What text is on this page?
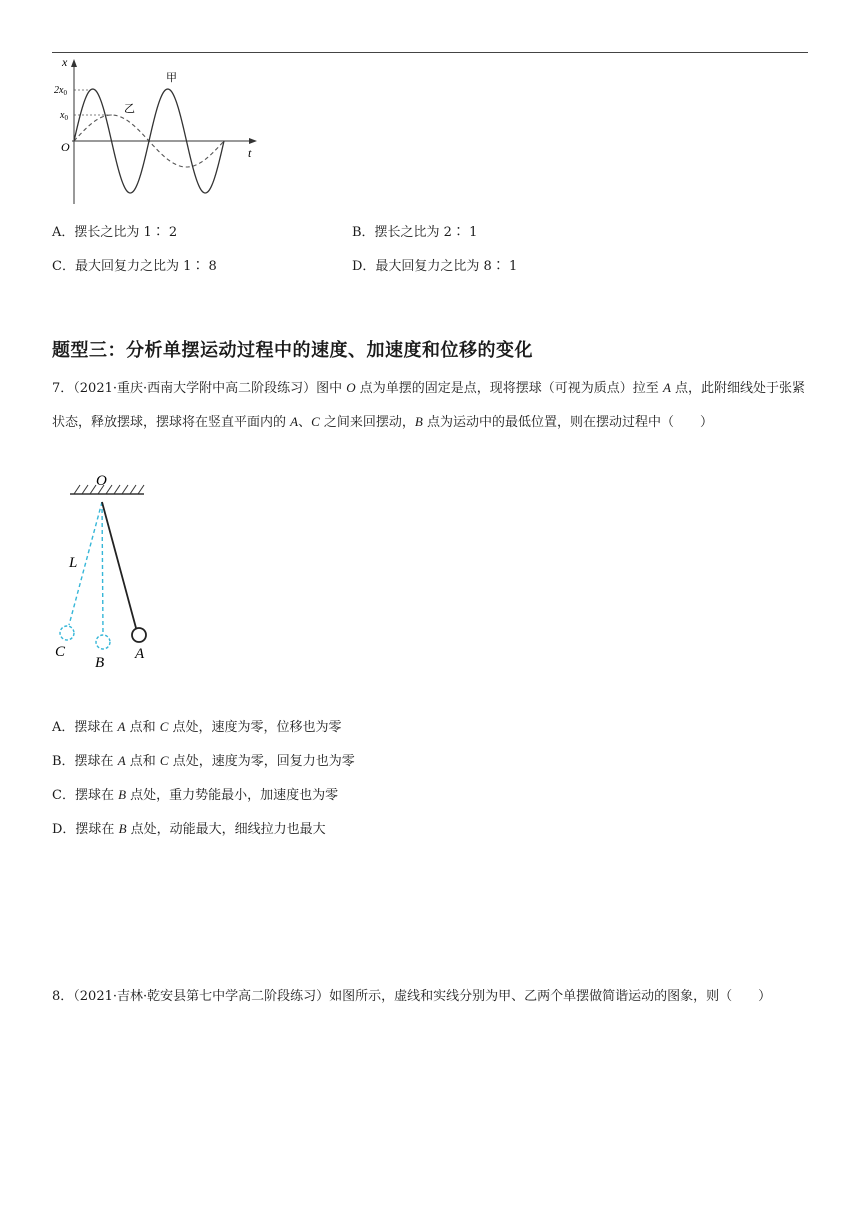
x
t
O
$2x_0$
$x_0$
甲
乙
A．摆长之比为 1∶ 2	B．摆长之比为 2∶ 1
C．最大回复力之比为 1∶ 8	D．最大回复力之比为 8∶ 1
题型三：分析单摆运动过程中的速度、加速度和位移的变化
7．（2021·重庆·西南大学附中高二阶段练习）图中 O 点为单摆的固定是点，现将摆球（可视为质点）拉至 A 点，此附细线处于张紧状态，释放摆球，摆球将在竖直平面内的 A、C 之间来回摆动，B 点为运动中的最低位置，则在摆动过程中（　　）
O
L
C
B
A
A．摆球在 A 点和 C 点处，速度为零，位移也为零
B．摆球在 A 点和 C 点处，速度为零，回复力也为零
C．摆球在 B 点处，重力势能最小，加速度也为零
D．摆球在 B 点处，动能最大，细线拉力也最大
8．（2021·吉林·乾安县第七中学高二阶段练习）如图所示，虚线和实线分别为甲、乙两个单摆做简谐运动的图象，则（　　）
